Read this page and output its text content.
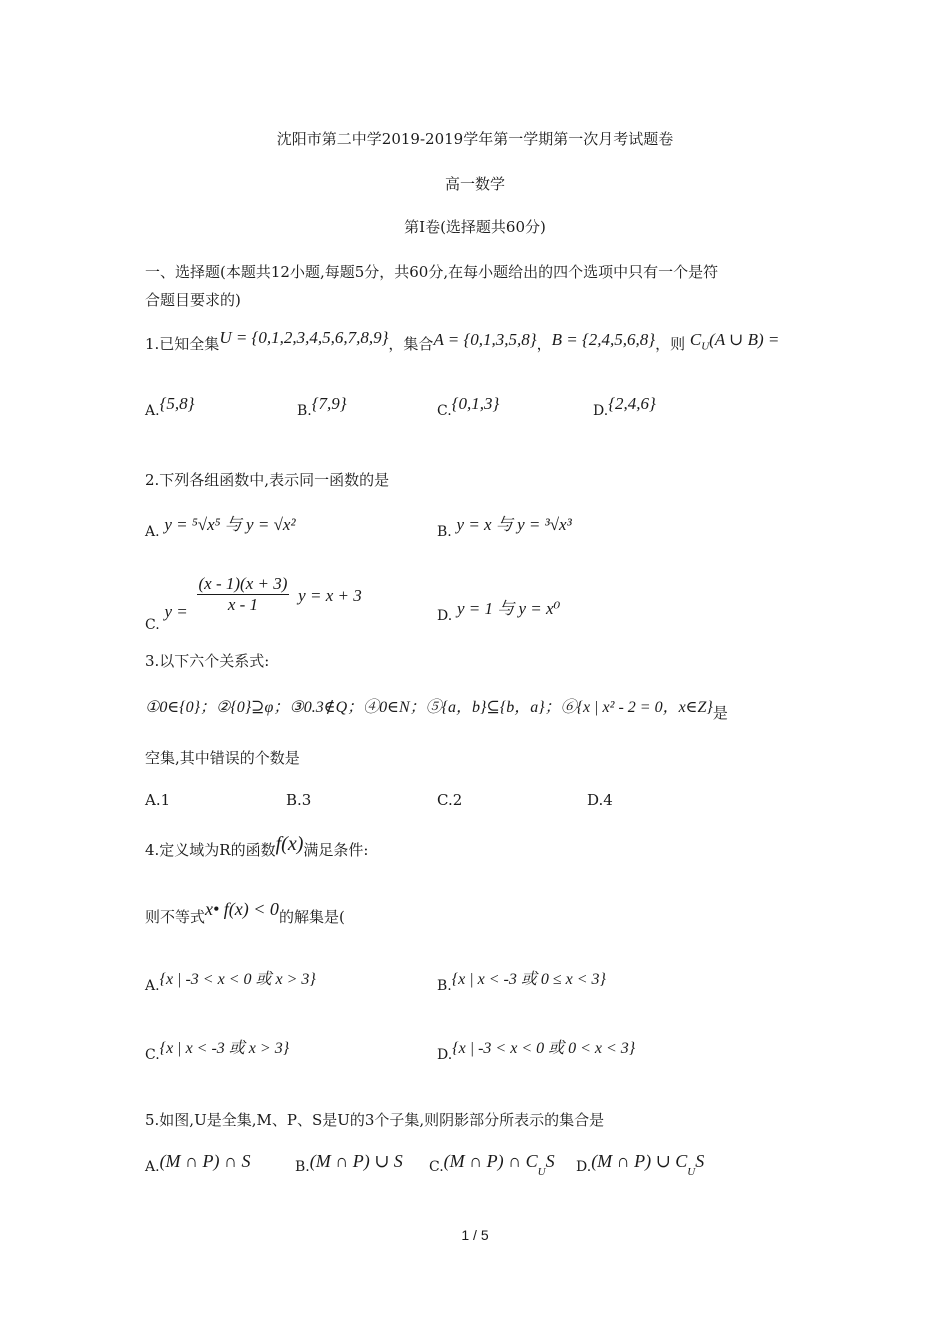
沈阳市第二中学2019-2019学年第一学期第一次月考试题卷
高一数学
第Ⅰ卷(选择题共60分)
一、选择题(本题共12小题,每题5分，共60分,在每小题给出的四个选项中只有一个是符
合题目要求的)
1.已知全集U = {0,1,2,3,4,5,6,7,8,9}，集合A = {0,1,3,5,8}，B = {2,4,5,6,8}，则 $C_U(A$ ∪ B) =
A.{5,8}	B.{7,9}	C.{0,1,3}	D.{2,4,6}
2.下列各组函数中,表示同一函数的是
A. y = ⁵√x⁵ 与 y = √x²	B. y = x 与 y = ³√x³
C. $y = \frac{(x - 1)(x + 3)}{x - 1}$ y = x + 3
D. y = 1 与 y = x⁰
3.以下六个关系式:
①0∈{0}；②{0}⊇φ；③0.3∉Q；④0∈N；⑤{a，b}⊆{b，a}；⑥{x | x² - 2 = 0，x∈Z}是
空集,其中错误的个数是
A.1	B.3	C.2	D.4
4.定义域为R的函数f(x)满足条件:
则不等式x• f(x) < 0的解集是(
A.{x | -3 < x < 0 或 x > 3}	B.{x | x < -3 或 0 ≤ x < 3}
C.{x | x < -3 或 x > 3}	D.{x | -3 < x < 0 或 0 < x < 3}
5.如图,U是全集,M、P、S是U的3个子集,则阴影部分所表示的集合是
A.(M ∩ P) ∩ S	B.(M ∩ P) ∪ S C.(M ∩ P) ∩ $C_US$ D.(M ∩ P) ∪ $C_US$
1 / 5
